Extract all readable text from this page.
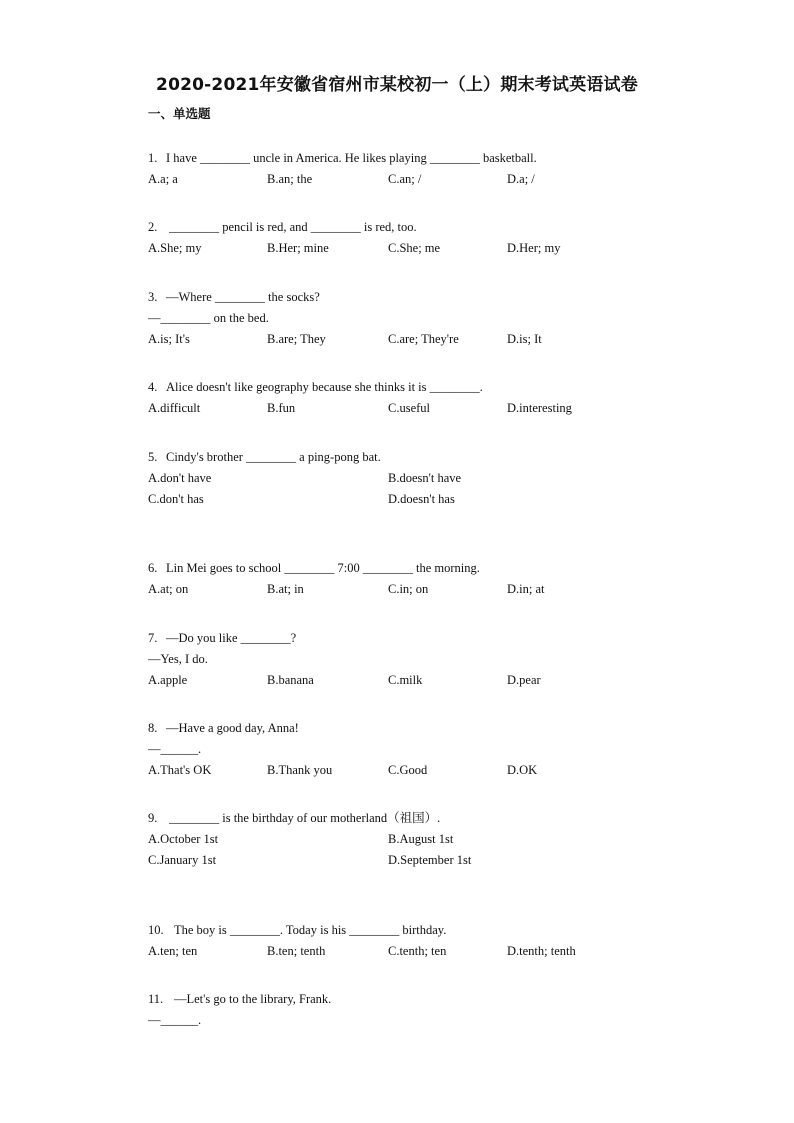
2020-2021年安徽省宿州市某校初一（上）期末考试英语试卷
一、单选题
1. I have ________ uncle in America. He likes playing ________ basketball.
A.a; a	B.an; the	C.an; /	D.a; /
2. ________ pencil is red, and ________ is red, too.
A.She; my	B.Her; mine	C.She; me	D.Her; my
3. —Where ________ the socks?
—________ on the bed.
A.is; It's	B.are; They	C.are; They're	D.is; It
4. Alice doesn't like geography because she thinks it is ________.
A.difficult	B.fun	C.useful	D.interesting
5. Cindy's brother ________ a ping-pong bat.
A.don't have	B.doesn't have
C.don't has	D.doesn't has
6. Lin Mei goes to school ________ 7:00 ________ the morning.
A.at; on	B.at; in	C.in; on	D.in; at
7. —Do you like ________?
—Yes, I do.
A.apple	B.banana	C.milk	D.pear
8. —Have a good day, Anna!
—______.
A.That's OK	B.Thank you	C.Good	D.OK
9. ________ is the birthday of our motherland（祖国）.
A.October 1st	B.August 1st
C.January 1st	D.September 1st
10. The boy is ________. Today is his ________ birthday.
A.ten; ten	B.ten; tenth	C.tenth; ten	D.tenth; tenth
11. —Let's go to the library, Frank.
—______.
